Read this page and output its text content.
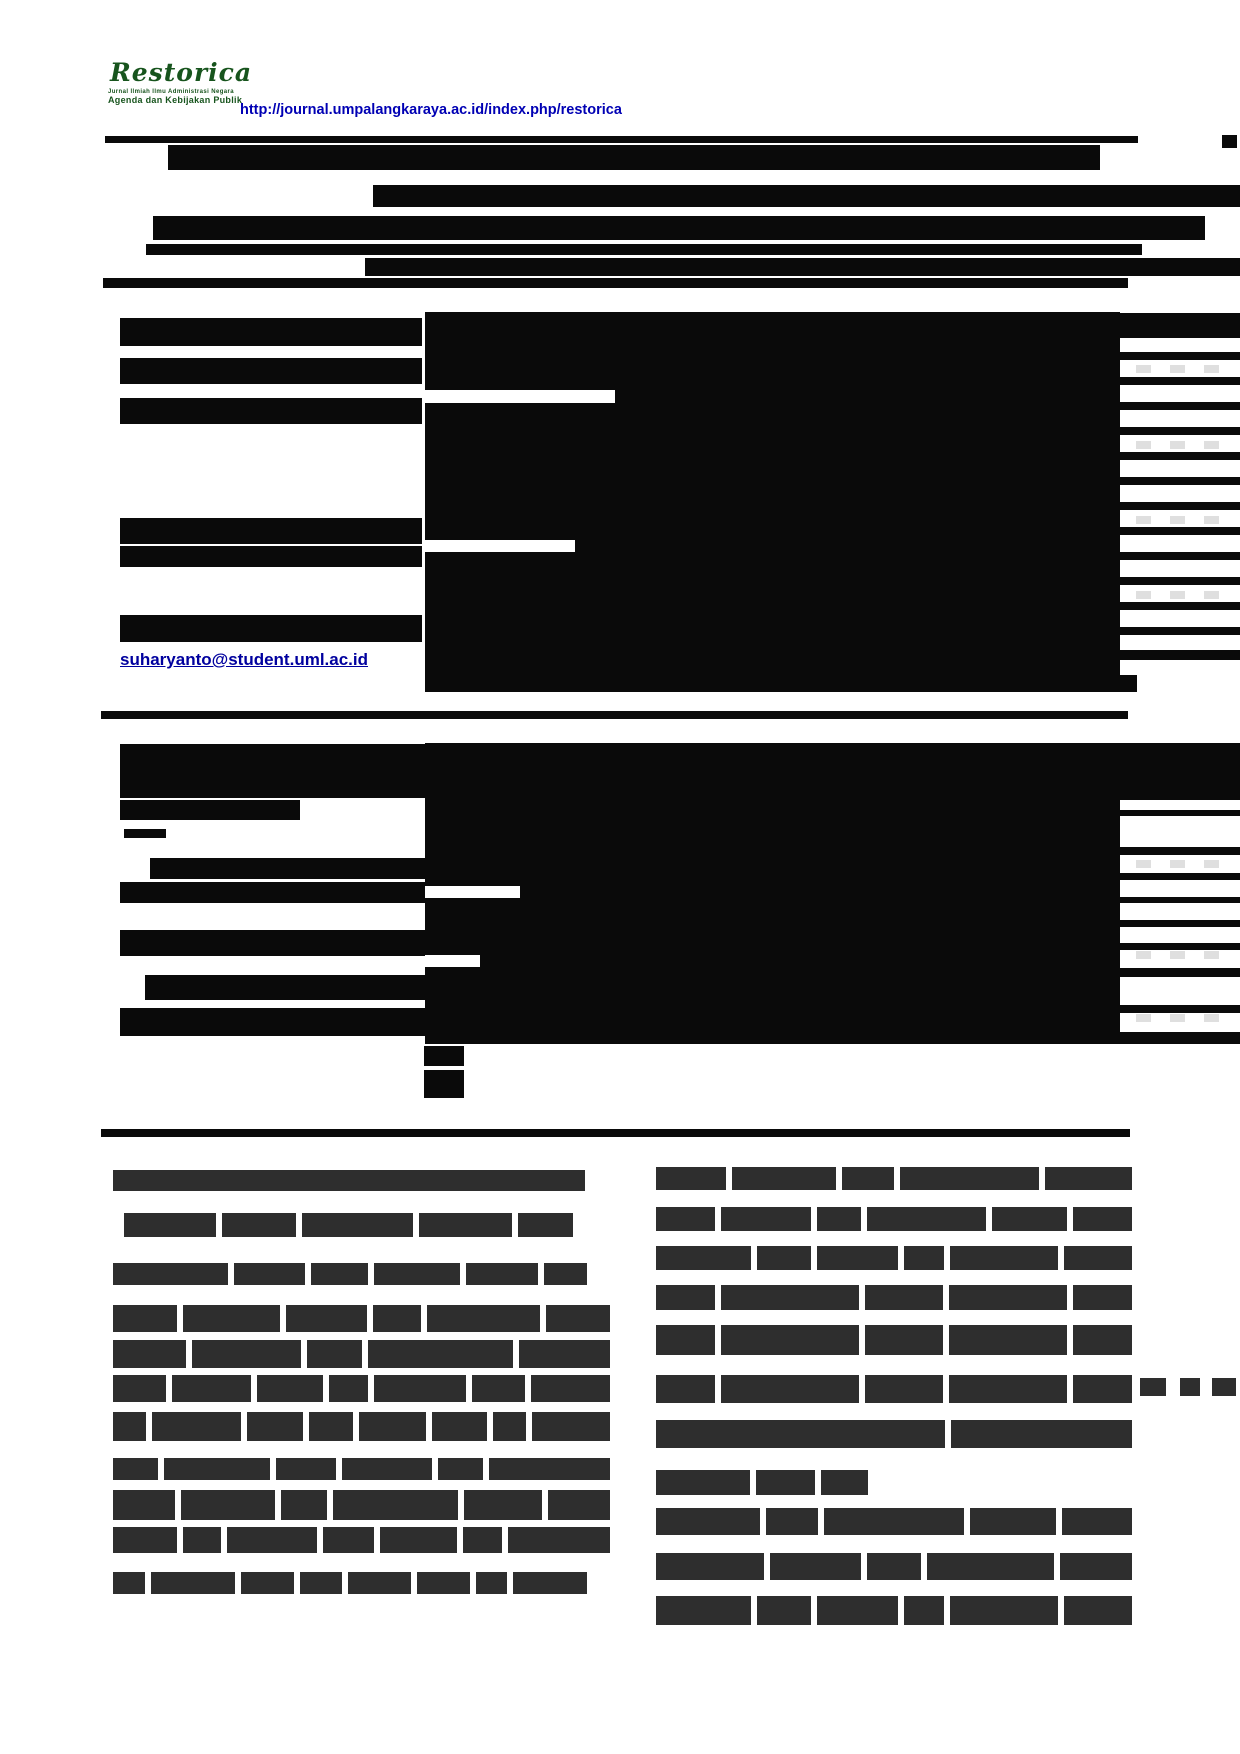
Restorica
Jurnal Ilmiah Ilmu Administrasi Negara
Agenda dan Kebijakan Publik
http://journal.umpalangkaraya.ac.id/index.php/restorica
suharyanto@student.uml.ac.id
